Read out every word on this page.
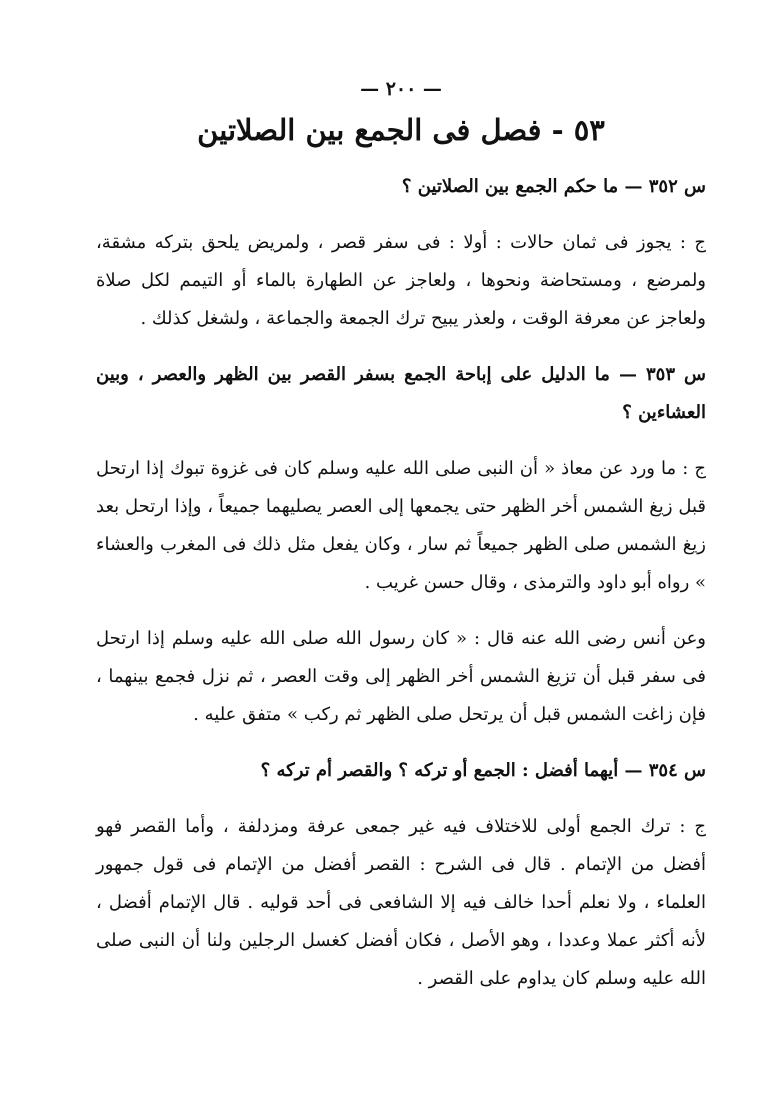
— ٢٠٠ —
٥٣ - فصل فى الجمع بين الصلاتين
س ٣٥٢ — ما حكم الجمع بين الصلاتين ؟
ج : يجوز فى ثمان حالات : أولا : فى سفر قصر ، ولمريض يلحق بتركه مشقة، ولمرضع ، ومستحاضة ونحوها ، ولعاجز عن الطهارة بالماء أو التيمم لكل صلاة ولعاجز عن معرفة الوقت ، ولعذر يبيح ترك الجمعة والجماعة ، ولشغل كذلك .
س ٣٥٣ — ما الدليل على إباحة الجمع بسفر القصر بين الظهر والعصر ، وبين العشاءين ؟
ج : ما ورد عن معاذ « أن النبى صلى الله عليه وسلم كان فى غزوة تبوك إذا ارتحل قبل زيغ الشمس أخر الظهر حتى يجمعها إلى العصر يصليهما جميعاً ، وإذا ارتحل بعد زيغ الشمس صلى الظهر جميعاً ثم سار ، وكان يفعل مثل ذلك فى المغرب والعشاء » رواه أبو داود والترمذى ، وقال حسن غريب .
وعن أنس رضى الله عنه قال : « كان رسول الله صلى الله عليه وسلم إذا ارتحل فى سفر قبل أن تزيغ الشمس أخر الظهر إلى وقت العصر ، ثم نزل فجمع بينهما ، فإن زاغت الشمس قبل أن يرتحل صلى الظهر ثم ركب » متفق عليه .
س ٣٥٤ — أيهما أفضل : الجمع أو تركه ؟ والقصر أم تركه ؟
ج : ترك الجمع أولى للاختلاف فيه غير جمعى عرفة ومزدلفة ، وأما القصر فهو أفضل من الإتمام . قال فى الشرح : القصر أفضل من الإتمام فى قول جمهور العلماء ، ولا نعلم أحدا خالف فيه إلا الشافعى فى أحد قوليه . قال الإتمام أفضل ، لأنه أكثر عملا وعددا ، وهو الأصل ، فكان أفضل كغسل الرجلين ولنا أن النبى صلى الله عليه وسلم كان يداوم على القصر .
